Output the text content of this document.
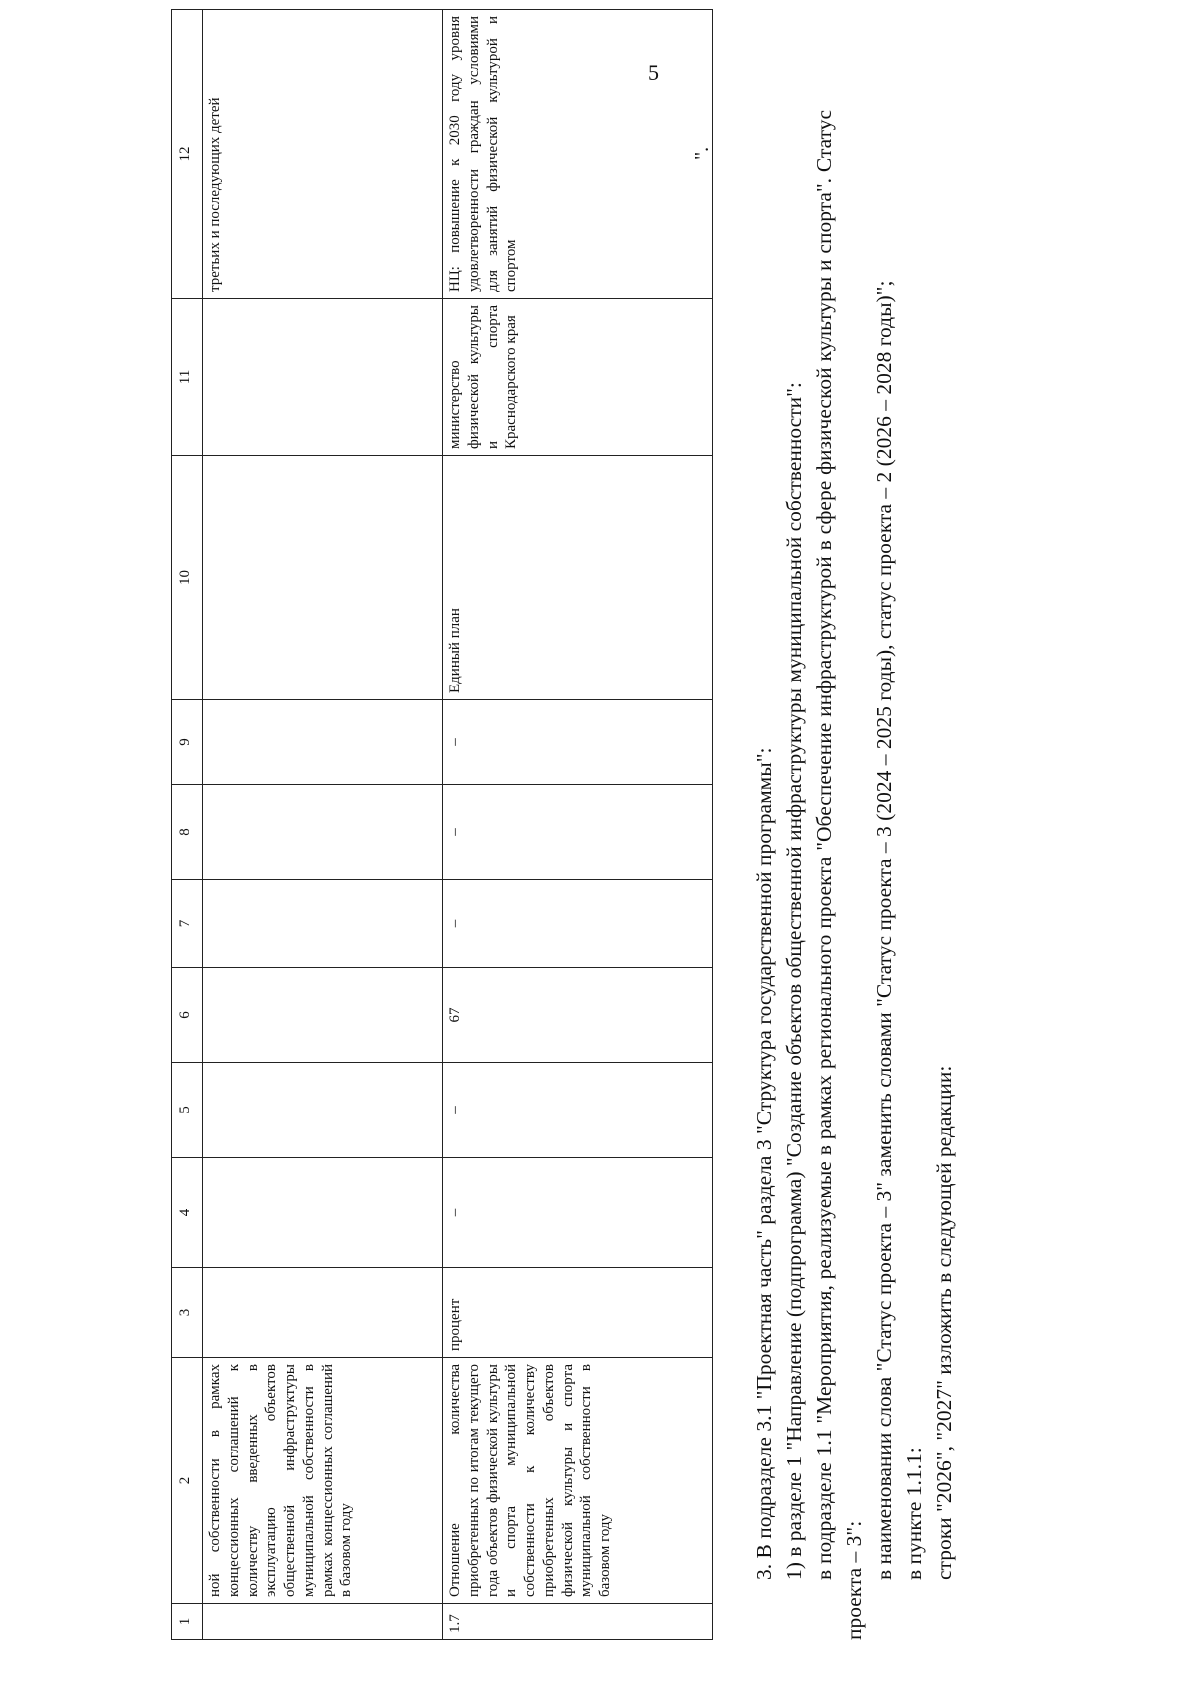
5
1	2	3	4	5	6	7	8	9	10	11	12
	ной собственности в рамках концессионных соглашений к количеству введенных в эксплуатацию объектов общественной инфраструктуры муниципальной собственности в рамках концессионных соглашений в базовом году										третьих и последующих детей
1.7	Отношение количества приобретенных по итогам текущего года объектов физической культуры и спорта муниципальной собственности к количеству приобретенных объектов физической культуры и спорта муниципальной собственности в базовом году	процент	–	–	67	–	–	–	Единый план	министерство физической культуры и спорта Краснодарского края	НЦ: повышение к 2030 году уровня удовлетворенности граждан условиями для занятий физической культурой и спортом
".

3. В подразделе 3.1 "Проектная часть" раздела 3 "Структура государственной программы": 1) в разделе 1 "Направление (подпрограмма) "Создание объектов общественной инфраструктуры муниципальной собственности": в подразделе 1.1 "Мероприятия, реализуемые в рамках регионального проекта "Обеспечение инфраструктурой в сфере физической культуры и спорта". Статус проекта – 3":

в наименовании слова "Статус проекта – 3" заменить словами "Статус проекта – 3 (2024 – 2025 годы), статус проекта – 2 (2026 – 2028 годы)"; в пункте 1.1.1: строки "2026", "2027" изложить в следующей редакции:
